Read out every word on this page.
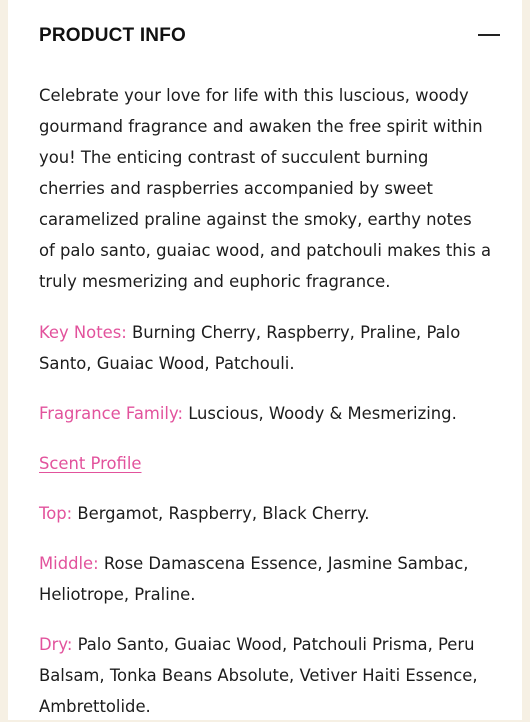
PRODUCT INFO

Celebrate your love for life with this luscious, woody gourmand fragrance and awaken the free spirit within you! The enticing contrast of succulent burning cherries and raspberries accompanied by sweet caramelized praline against the smoky, earthy notes of palo santo, guaiac wood, and patchouli makes this a truly mesmerizing and euphoric fragrance.

Key Notes: Burning Cherry, Raspberry, Praline, Palo Santo, Guaiac Wood, Patchouli.

Fragrance Family: Luscious, Woody & Mesmerizing.

Scent Profile

Top: Bergamot, Raspberry, Black Cherry.

Middle: Rose Damascena Essence, Jasmine Sambac, Heliotrope, Praline.

Dry: Palo Santo, Guaiac Wood, Patchouli Prisma, Peru Balsam, Tonka Beans Absolute, Vetiver Haiti Essence, Ambrettolide.
